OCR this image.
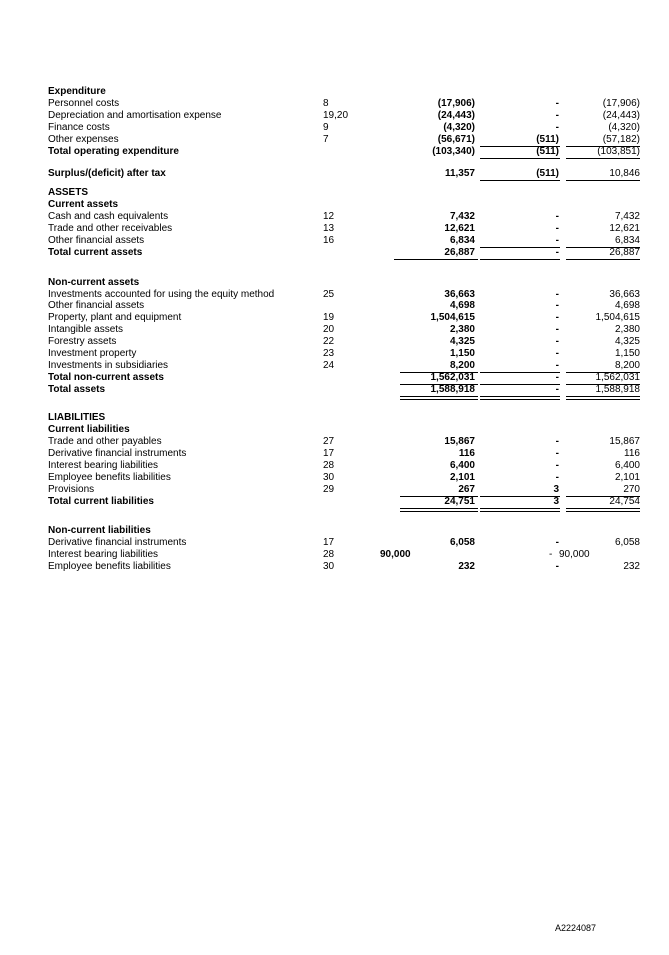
Expenditure
Personnel costs	8	(17,906)	-	(17,906)
Depreciation and amortisation expense	19,20	(24,443)	-	(24,443)
Finance costs	9	(4,320)	-	(4,320)
Other expenses	7	(56,671)	(511)	(57,182)
Total operating expenditure	(103,340)	(511)	(103,851)
Surplus/(deficit) after tax	11,357	(511)	10,846
ASSETS
Current assets
Cash and cash equivalents	12	7,432	-	7,432
Trade and other receivables	13	12,621	-	12,621
Other financial assets	16	6,834	-	6,834
Total current assets	26,887	-	26,887
Non-current assets
Investments accounted for using the equity method	25	36,663	-	36,663
Other financial assets	4,698	-	4,698
Property, plant and equipment	19	1,504,615	-	1,504,615
Intangible assets	20	2,380	-	2,380
Forestry assets	22	4,325	-	4,325
Investment property	23	1,150	-	1,150
Investments in subsidiaries	24	8,200	-	8,200
Total non-current assets	1,562,031	-	1,562,031
Total assets	1,588,918	-	1,588,918
LIABILITIES
Current liabilities
Trade and other payables	27	15,867	-	15,867
Derivative financial instruments	17	116	-	116
Interest bearing liabilities	28	6,400	-	6,400
Employee benefits liabilities	30	2,101	-	2,101
Provisions	29	267	3	270
Total current liabilities	24,751	3	24,754
Non-current liabilities
Derivative financial instruments	17	6,058	-	6,058
Interest bearing liabilities	28	90,000	- 90,000
Employee benefits liabilities	30	232	-	232
A2224087
